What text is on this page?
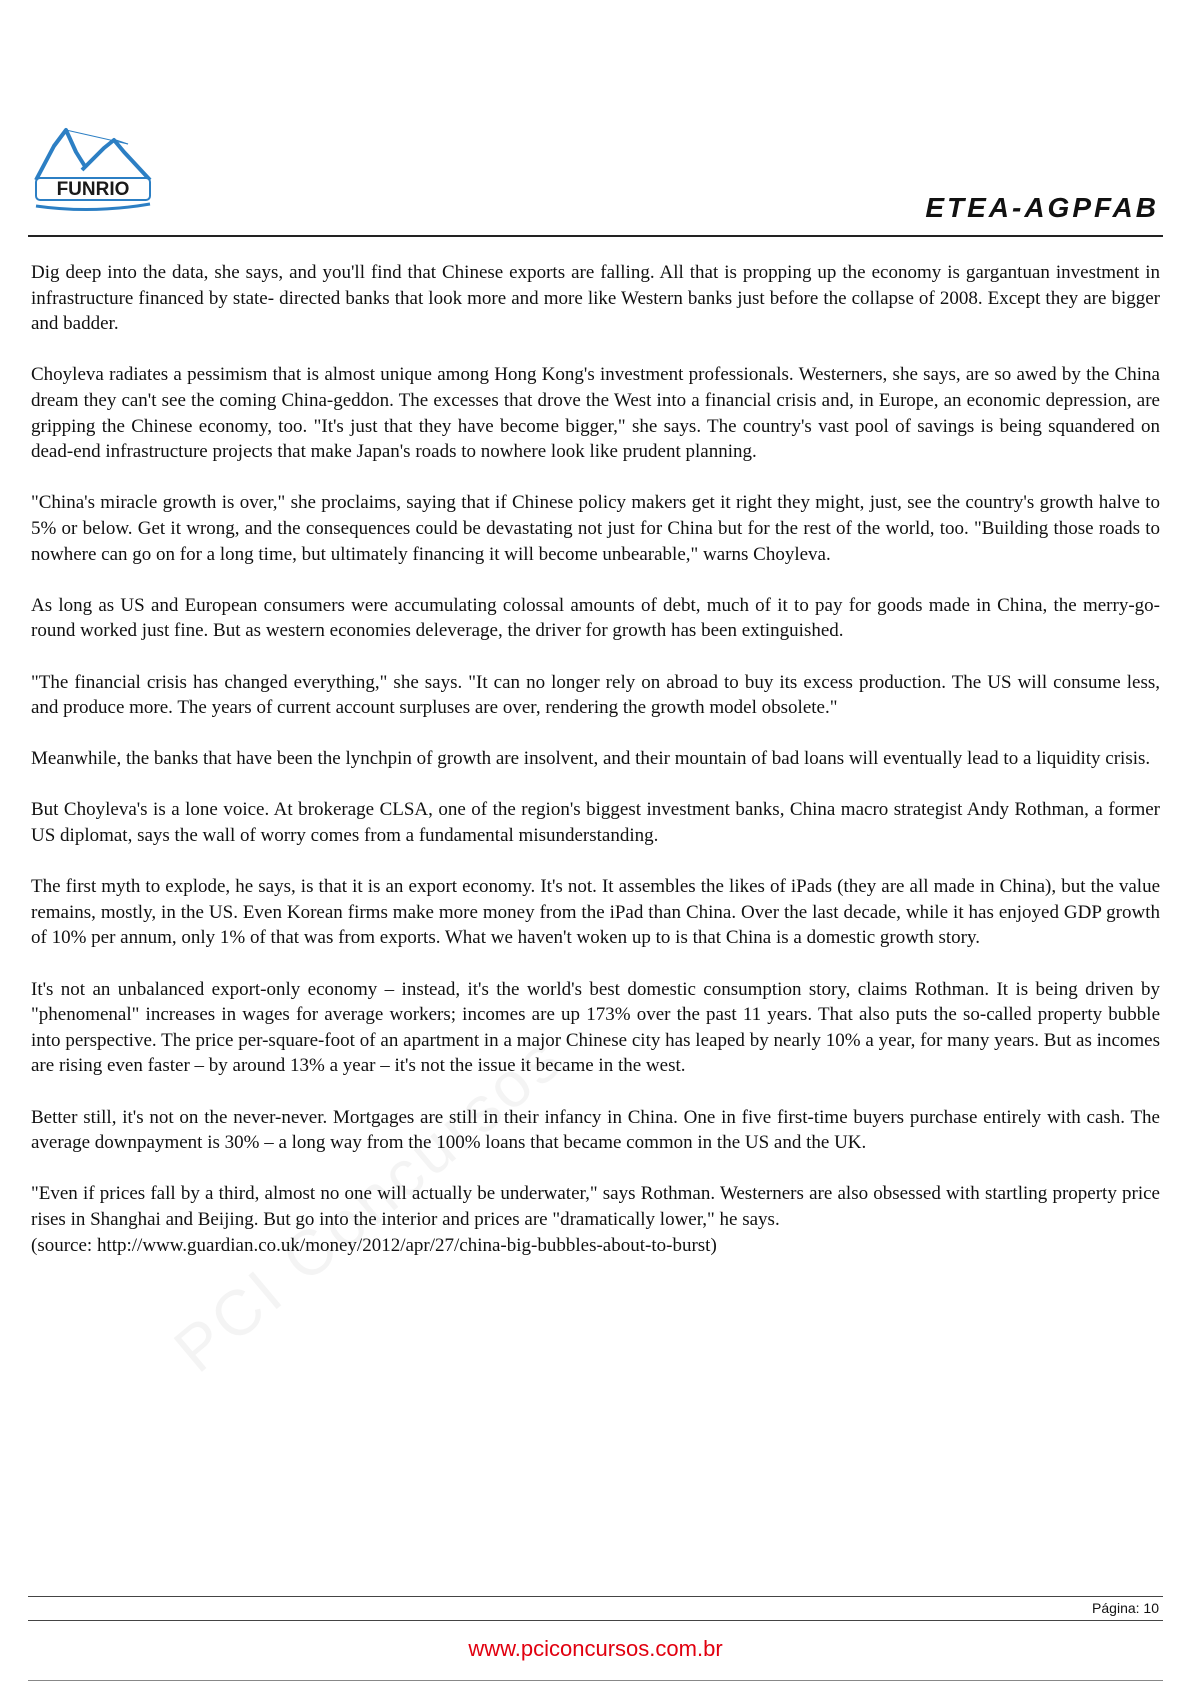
FUNRIO
ETEA-AGPFAB

Dig deep into the data, she says, and you'll find that Chinese exports are falling. All that is propping up the economy is gargantuan investment in infrastructure financed by state- directed banks that look more and more like Western banks just before the collapse of 2008. Except they are bigger and badder.

Choyleva radiates a pessimism that is almost unique among Hong Kong's investment professionals. Westerners, she says, are so awed by the China dream they can't see the coming China-geddon. The excesses that drove the West into a financial crisis and, in Europe, an economic depression, are gripping the Chinese economy, too. "It's just that they have become bigger," she says. The country's vast pool of savings is being squandered on dead-end infrastructure projects that make Japan's roads to nowhere look like prudent planning.

"China's miracle growth is over," she proclaims, saying that if Chinese policy makers get it right they might, just, see the country's growth halve to 5% or below. Get it wrong, and the consequences could be devastating not just for China but for the rest of the world, too. "Building those roads to nowhere can go on for a long time, but ultimately financing it will become unbearable," warns Choyleva.

As long as US and European consumers were accumulating colossal amounts of debt, much of it to pay for goods made in China, the merry-go-round worked just fine. But as western economies deleverage, the driver for growth has been extinguished.

"The financial crisis has changed everything," she says. "It can no longer rely on abroad to buy its excess production. The US will consume less, and produce more. The years of current account surpluses are over, rendering the growth model obsolete."

Meanwhile, the banks that have been the lynchpin of growth are insolvent, and their mountain of bad loans will eventually lead to a liquidity crisis.

But Choyleva's is a lone voice. At brokerage CLSA, one of the region's biggest investment banks, China macro strategist Andy Rothman, a former US diplomat, says the wall of worry comes from a fundamental misunderstanding.

The first myth to explode, he says, is that it is an export economy. It's not. It assembles the likes of iPads (they are all made in China), but the value remains, mostly, in the US. Even Korean firms make more money from the iPad than China. Over the last decade, while it has enjoyed GDP growth of 10% per annum, only 1% of that was from exports. What we haven't woken up to is that China is a domestic growth story.

It's not an unbalanced export-only economy – instead, it's the world's best domestic consumption story, claims Rothman. It is being driven by "phenomenal" increases in wages for average workers; incomes are up 173% over the past 11 years. That also puts the so-called property bubble into perspective. The price per-square-foot of an apartment in a major Chinese city has leaped by nearly 10% a year, for many years. But as incomes are rising even faster – by around 13% a year – it's not the issue it became in the west.

Better still, it's not on the never-never. Mortgages are still in their infancy in China. One in five first-time buyers purchase entirely with cash. The average downpayment is 30% – a long way from the 100% loans that became common in the US and the UK.

"Even if prices fall by a third, almost no one will actually be underwater," says Rothman. Westerners are also obsessed with startling property price rises in Shanghai and Beijing. But go into the interior and prices are "dramatically lower," he says.
(source: http://www.guardian.co.uk/money/2012/apr/27/china-big-bubbles-about-to-burst)

Página: 10
www.pciconcursos.com.br
